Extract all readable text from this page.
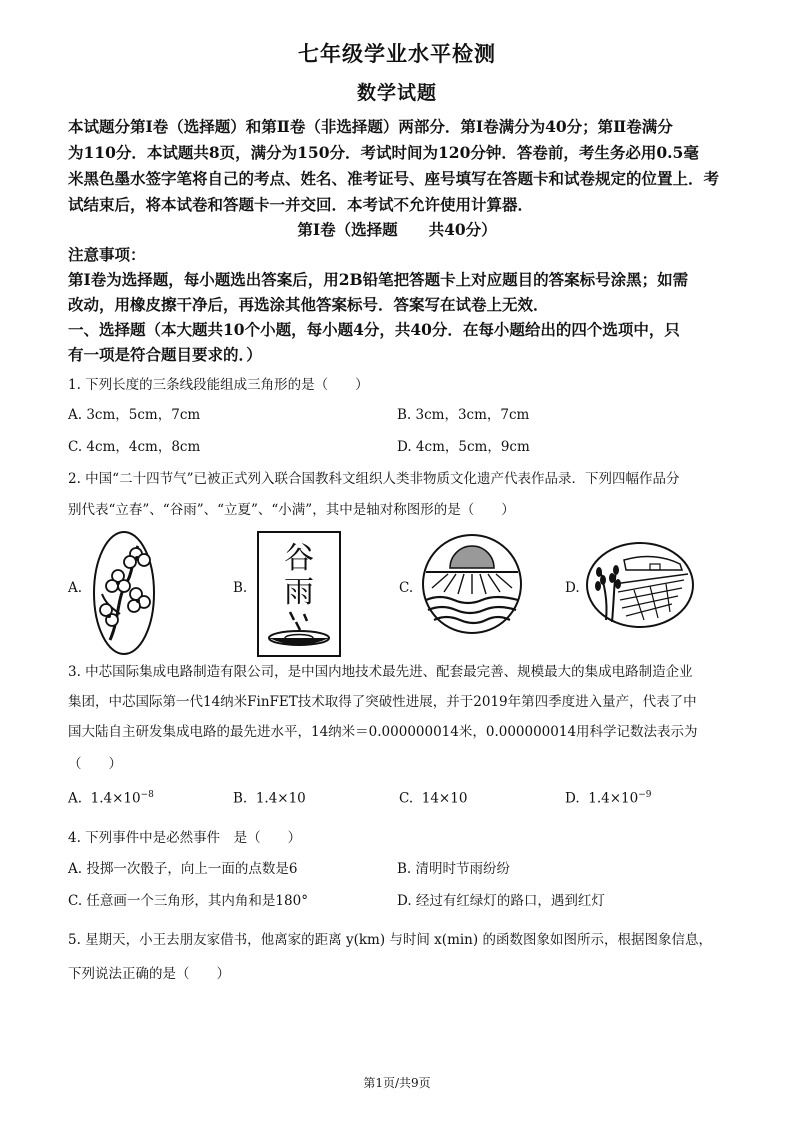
七年级学业水平检测
数学试题
本试题分第Ⅰ卷（选择题）和第Ⅱ卷（非选择题）两部分．第Ⅰ卷满分为40分；第Ⅱ卷满分
为110分．本试题共8页，满分为150分．考试时间为120分钟．答卷前，考生务必用0.5毫
米黑色墨水签字笔将自己的考点、姓名、准考证号、座号填写在答题卡和试卷规定的位置上．考
试结束后，将本试卷和答题卡一并交回．本考试不允许使用计算器．
第Ⅰ卷（选择题　　共40分）
注意事项：
第Ⅰ卷为选择题，每小题选出答案后，用2B铅笔把答题卡上对应题目的答案标号涂黑；如需
改动，用橡皮擦干净后，再选涂其他答案标号．答案写在试卷上无效．
一、选择题（本大题共10个小题，每小题4分，共40分．在每小题给出的四个选项中，只
有一项是符合题目要求的．）
1. 下列长度的三条线段能组成三角形的是（　　）
A. 3cm，5cm，7cm	B. 3cm，3cm，7cm
C. 4cm，4cm，8cm	D. 4cm，5cm，9cm
2. 中国“二十四节气”已被正式列入联合国教科文组织人类非物质文化遗产代表作品录．下列四幅作品分
别代表“立春”、“谷雨”、“立夏”、“小满”，其中是轴对称图形的是（　　）
A.	B.
谷
雨	C.	D.
3. 中芯国际集成电路制造有限公司，是中国内地技术最先进、配套最完善、规模最大的集成电路制造企业
集团，中芯国际第一代14纳米FinFET技术取得了突破性进展，并于2019年第四季度进入量产，代表了中
国大陆自主研发集成电路的最先进水平，14纳米＝0.000000014米，0.000000014用科学记数法表示为
（　　）
A. $1.4\times 10^{-8}$	B. 1.4×10	C. 14×10	D. $1.4\times 10^{-9}$
4. 下列事件中是必然事件　是（　　）
A. 投掷一次骰子，向上一面的点数是6	B. 清明时节雨纷纷
C. 任意画一个三角形，其内角和是180°	D. 经过有红绿灯的路口，遇到红灯
5. 星期天，小王去朋友家借书，他离家的距离 y(km) 与时间 x(min) 的函数图象如图所示，根据图象信息，
下列说法正确的是（　　）
第1页/共9页
